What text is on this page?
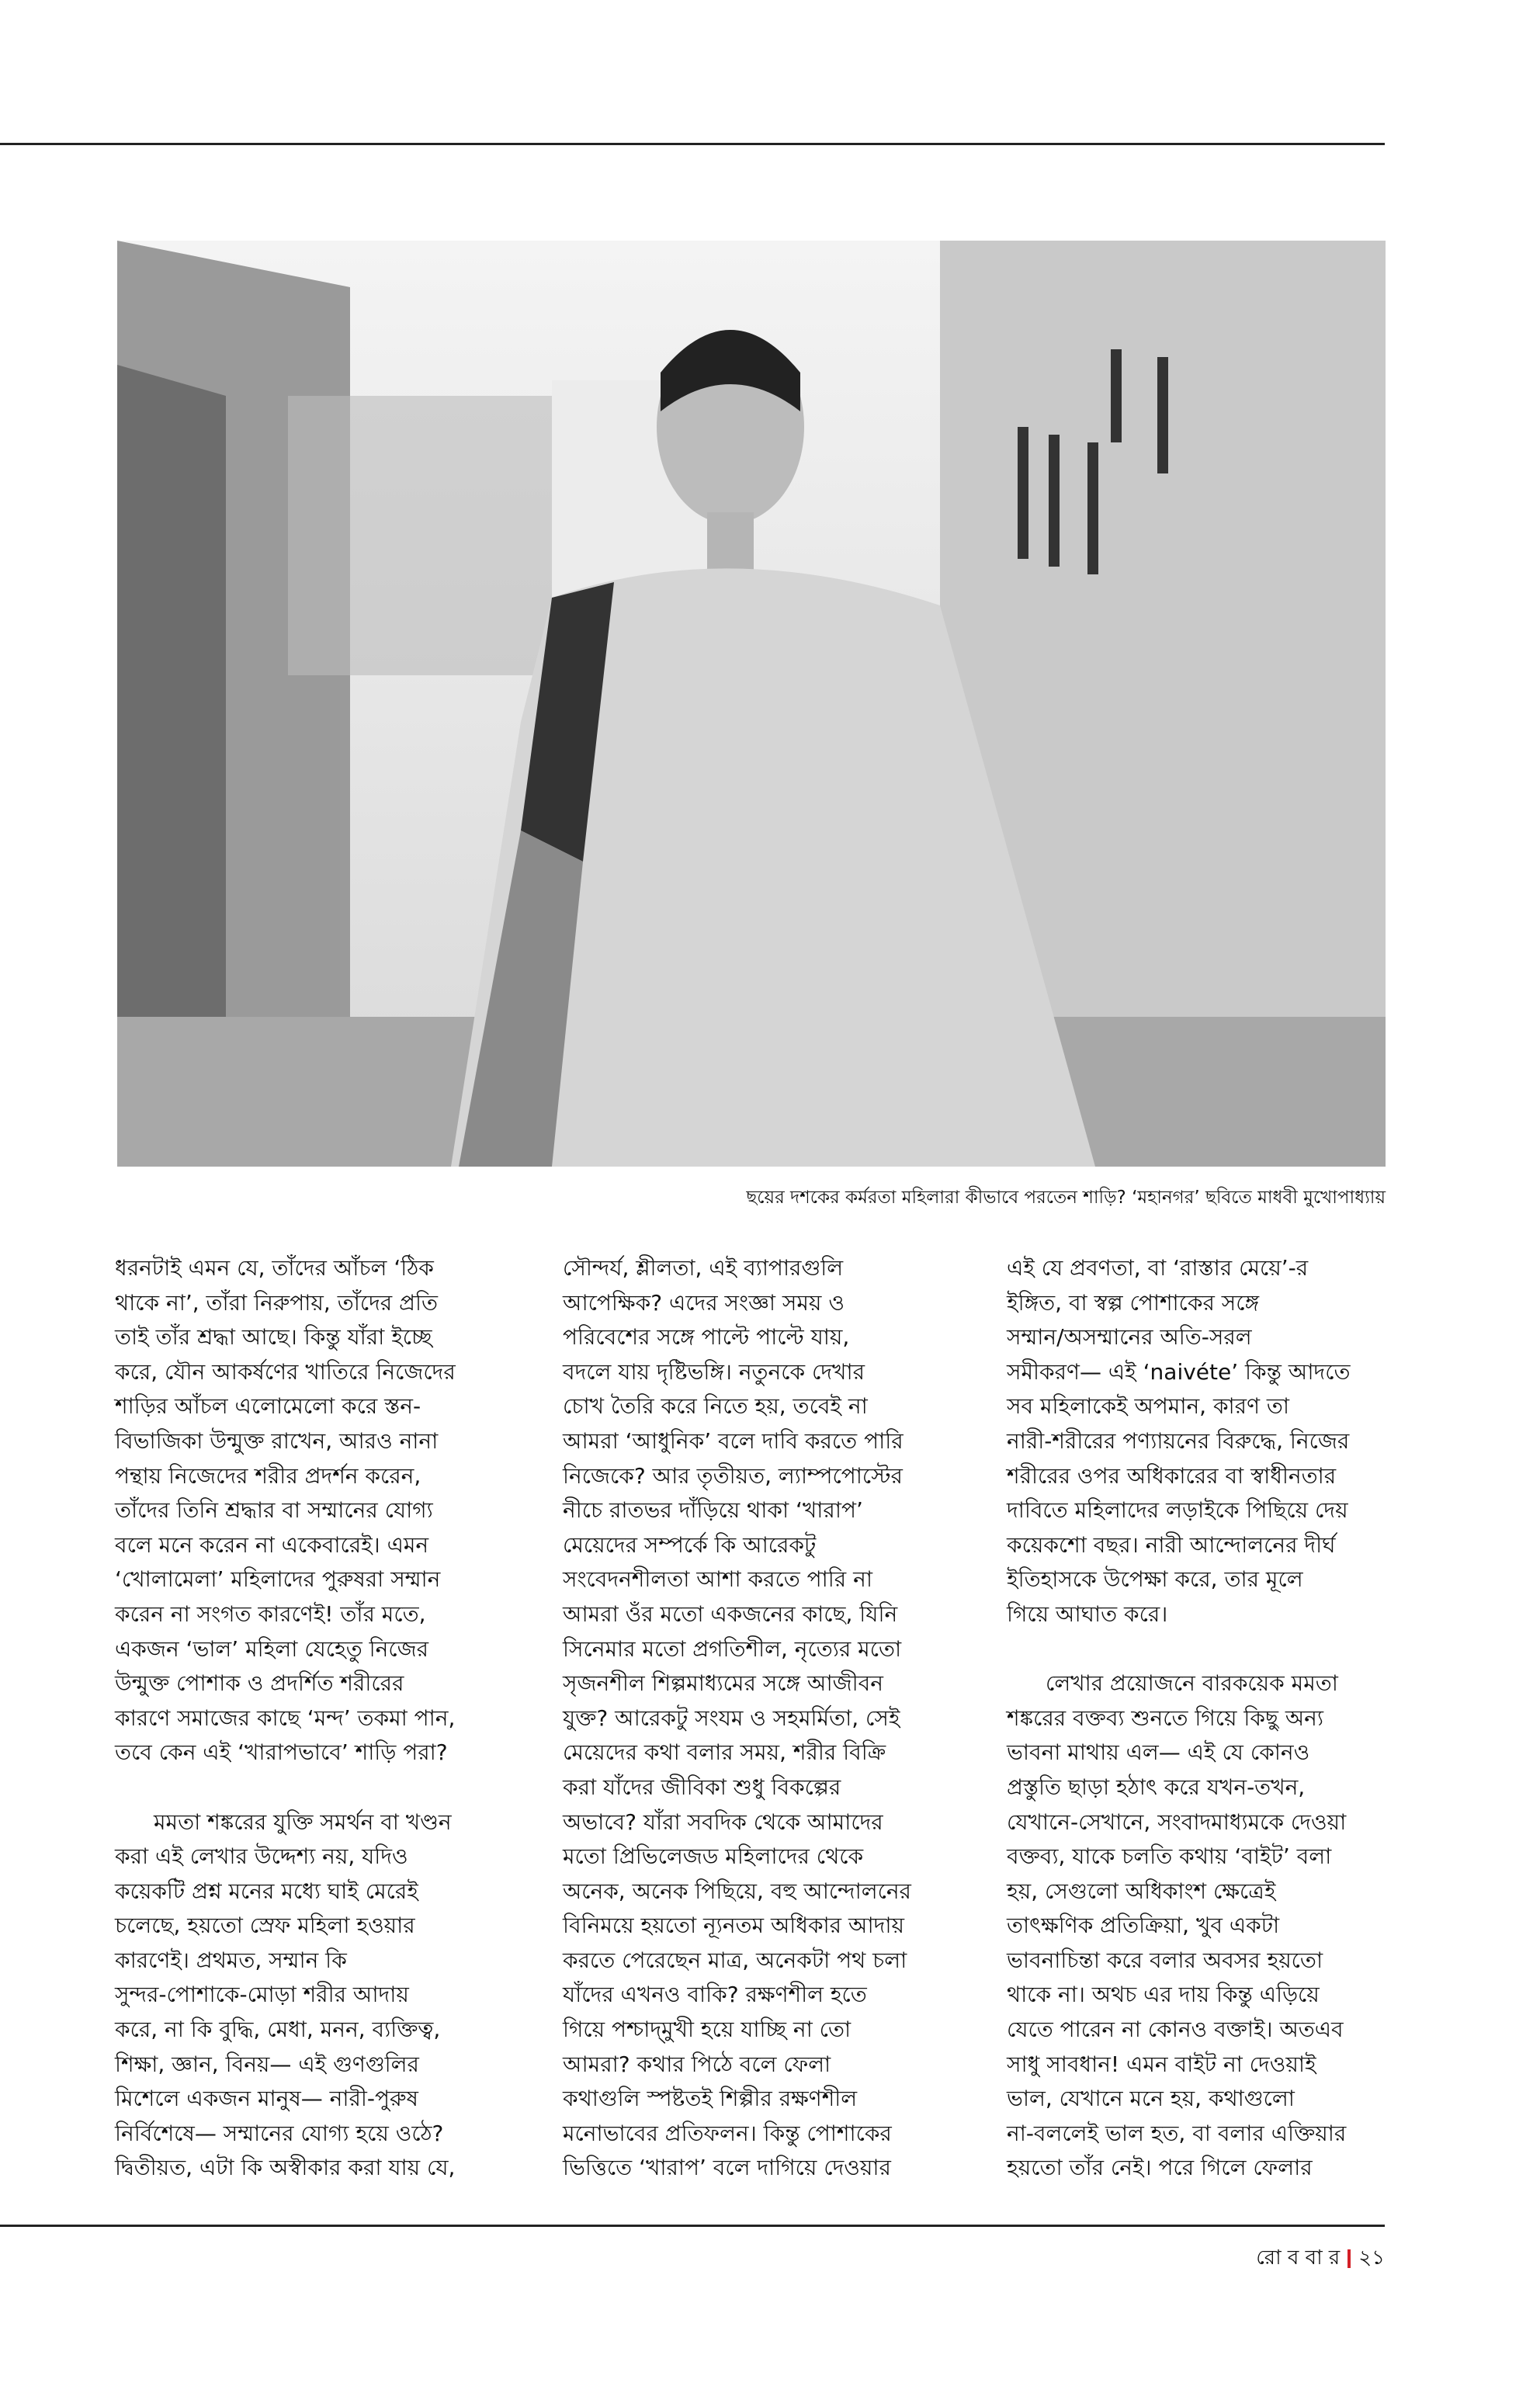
ছয়ের দশকের কর্মরতা মহিলারা কীভাবে পরতেন শাড়ি? ‘মহানগর’ ছবিতে মাধবী মুখোপাধ্যায়
ধরনটাই এমন যে, তাঁদের আঁচল ‘ঠিক
থাকে না’, তাঁরা নিরুপায়, তাঁদের প্রতি
তাই তাঁর শ্রদ্ধা আছে। কিন্তু যাঁরা ইচ্ছে
করে, যৌন আকর্ষণের খাতিরে নিজেদের
শাড়ির আঁচল এলোমেলো করে স্তন-
বিভাজিকা উন্মুক্ত রাখেন, আরও নানা
পন্থায় নিজেদের শরীর প্রদর্শন করেন,
তাঁদের তিনি শ্রদ্ধার বা সম্মানের যোগ্য
বলে মনে করেন না একেবারেই। এমন
‘খোলামেলা’ মহিলাদের পুরুষরা সম্মান
করেন না সংগত কারণেই! তাঁর মতে,
একজন ‘ভাল’ মহিলা যেহেতু নিজের
উন্মুক্ত পোশাক ও প্রদর্শিত শরীরের
কারণে সমাজের কাছে ‘মন্দ’ তকমা পান,
তবে কেন এই ‘খারাপভাবে’ শাড়ি পরা?
মমতা শঙ্করের যুক্তি সমর্থন বা খণ্ডন
করা এই লেখার উদ্দেশ্য নয়, যদিও
কয়েকটি প্রশ্ন মনের মধ্যে ঘাই মেরেই
চলেছে, হয়তো স্রেফ মহিলা হওয়ার
কারণেই। প্রথমত, সম্মান কি
সুন্দর-পোশাকে-মোড়া শরীর আদায়
করে, না কি বুদ্ধি, মেধা, মনন, ব্যক্তিত্ব,
শিক্ষা, জ্ঞান, বিনয়— এই গুণগুলির
মিশেলে একজন মানুষ— নারী-পুরুষ
নির্বিশেষে— সম্মানের যোগ্য হয়ে ওঠে?
দ্বিতীয়ত, এটা কি অস্বীকার করা যায় যে,
সৌন্দর্য, শ্লীলতা, এই ব্যাপারগুলি
আপেক্ষিক? এদের সংজ্ঞা সময় ও
পরিবেশের সঙ্গে পাল্টে পাল্টে যায়,
বদলে যায় দৃষ্টিভঙ্গি। নতুনকে দেখার
চোখ তৈরি করে নিতে হয়, তবেই না
আমরা ‘আধুনিক’ বলে দাবি করতে পারি
নিজেকে? আর তৃতীয়ত, ল্যাম্পপোস্টের
নীচে রাতভর দাঁড়িয়ে থাকা ‘খারাপ’
মেয়েদের সম্পর্কে কি আরেকটু
সংবেদনশীলতা আশা করতে পারি না
আমরা ওঁর মতো একজনের কাছে, যিনি
সিনেমার মতো প্রগতিশীল, নৃত্যের মতো
সৃজনশীল শিল্পমাধ্যমের সঙ্গে আজীবন
যুক্ত? আরেকটু সংযম ও সহমর্মিতা, সেই
মেয়েদের কথা বলার সময়, শরীর বিক্রি
করা যাঁদের জীবিকা শুধু বিকল্পের
অভাবে? যাঁরা সবদিক থেকে আমাদের
মতো প্রিভিলেজড মহিলাদের থেকে
অনেক, অনেক পিছিয়ে, বহু আন্দোলনের
বিনিময়ে হয়তো ন্যূনতম অধিকার আদায়
করতে পেরেছেন মাত্র, অনেকটা পথ চলা
যাঁদের এখনও বাকি? রক্ষণশীল হতে
গিয়ে পশ্চাদ্‌মুখী হয়ে যাচ্ছি না তো
আমরা? কথার পিঠে বলে ফেলা
কথাগুলি স্পষ্টতই শিল্পীর রক্ষণশীল
মনোভাবের প্রতিফলন। কিন্তু পোশাকের
ভিত্তিতে ‘খারাপ’ বলে দাগিয়ে দেওয়ার
এই যে প্রবণতা, বা ‘রাস্তার মেয়ে’-র
ইঙ্গিত, বা স্বল্প পোশাকের সঙ্গে
সম্মান/অসম্মানের অতি-সরল
সমীকরণ— এই ‘naivéte’ কিন্তু আদতে
সব মহিলাকেই অপমান, কারণ তা
নারী-শরীরের পণ্যায়নের বিরুদ্ধে, নিজের
শরীরের ওপর অধিকারের বা স্বাধীনতার
দাবিতে মহিলাদের লড়াইকে পিছিয়ে দেয়
কয়েকশো বছর। নারী আন্দোলনের দীর্ঘ
ইতিহাসকে উপেক্ষা করে, তার মূলে
গিয়ে আঘাত করে।
লেখার প্রয়োজনে বারকয়েক মমতা
শঙ্করের বক্তব্য শুনতে গিয়ে কিছু অন্য
ভাবনা মাথায় এল— এই যে কোনও
প্রস্তুতি ছাড়া হঠাৎ করে যখন-তখন,
যেখানে-সেখানে, সংবাদমাধ্যমকে দেওয়া
বক্তব্য, যাকে চলতি কথায় ‘বাইট’ বলা
হয়, সেগুলো অধিকাংশ ক্ষেত্রেই
তাৎক্ষণিক প্রতিক্রিয়া, খুব একটা
ভাবনাচিন্তা করে বলার অবসর হয়তো
থাকে না। অথচ এর দায় কিন্তু এড়িয়ে
যেতে পারেন না কোনও বক্তাই। অতএব
সাধু সাবধান! এমন বাইট না দেওয়াই
ভাল, যেখানে মনে হয়, কথাগুলো
না-বললেই ভাল হত, বা বলার এক্তিয়ার
হয়তো তাঁর নেই। পরে গিলে ফেলার
রো ব বা র ২১
